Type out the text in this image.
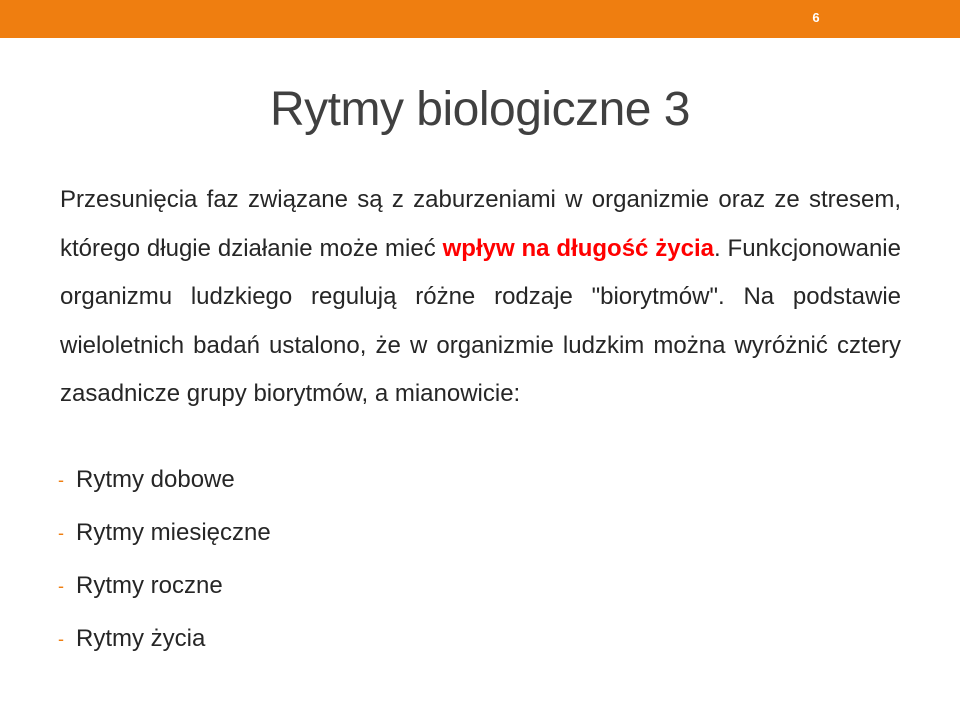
6
Rytmy biologiczne 3

Przesunięcia faz związane są z zaburzeniami w organizmie oraz ze stresem, którego długie działanie może mieć wpływ na długość życia. Funkcjonowanie organizmu ludzkiego regulują różne rodzaje "biorytmów". Na podstawie wieloletnich badań ustalono, że w organizmie ludzkim można wyróżnić cztery zasadnicze grupy biorytmów, a mianowicie:

- Rytmy dobowe
- Rytmy miesięczne
- Rytmy roczne
- Rytmy życia
